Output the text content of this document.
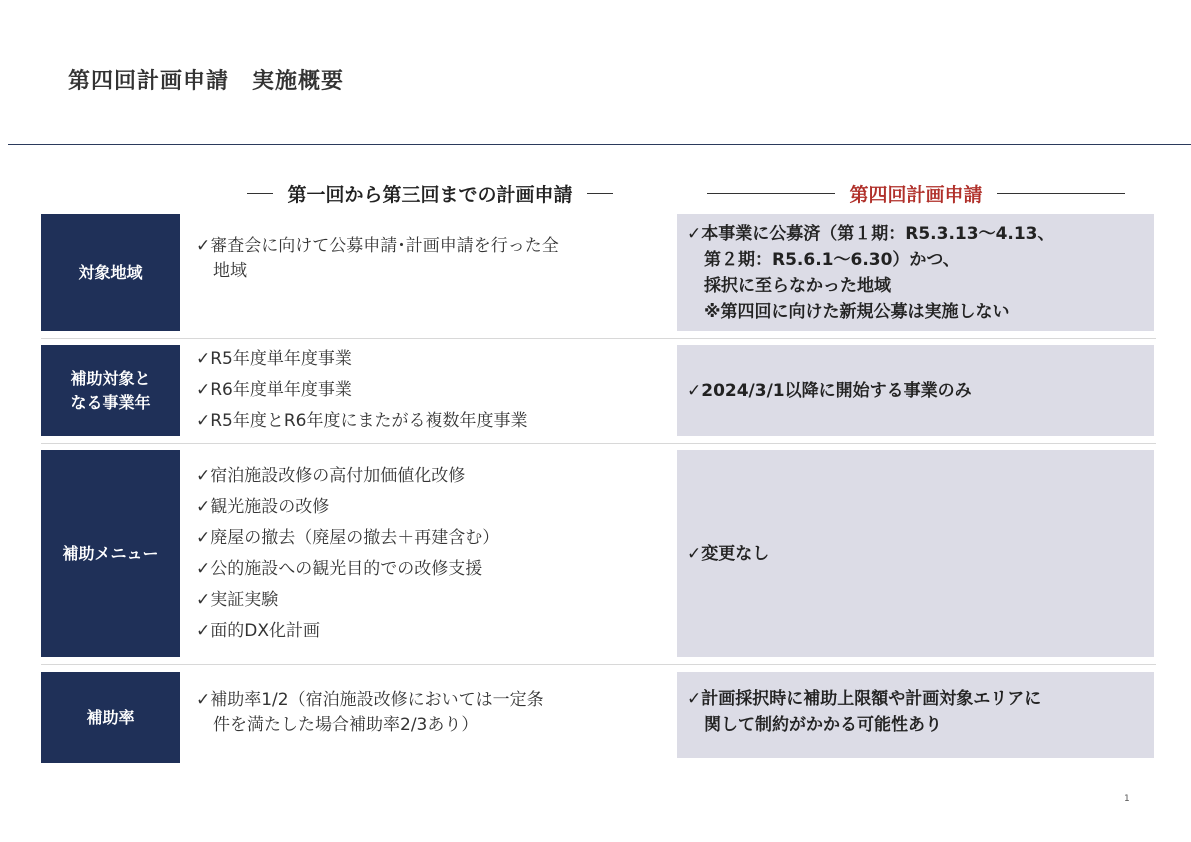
第四回計画申請　実施概要
第一回から第三回までの計画申請	第四回計画申請
対象地域
✓審査会に向けて公募申請･計画申請を行った全
　地域
✓本事業に公募済（第１期：R5.3.13～4.13、
　第２期：R5.6.1～6.30）かつ、
　採択に至らなかった地域
　※第四回に向けた新規公募は実施しない
補助対象と
なる事業年
✓R5年度単年度事業
✓R6年度単年度事業
✓R5年度とR6年度にまたがる複数年度事業
✓2024/3/1以降に開始する事業のみ
補助メニュー
✓宿泊施設改修の高付加価値化改修
✓観光施設の改修
✓廃屋の撤去（廃屋の撤去＋再建含む）
✓公的施設への観光目的での改修支援
✓実証実験
✓面的DX化計画
✓変更なし
補助率
✓補助率1/2（宿泊施設改修においては一定条
　件を満たした場合補助率2/3あり）
✓計画採択時に補助上限額や計画対象エリアに
　関して制約がかかる可能性あり
1
